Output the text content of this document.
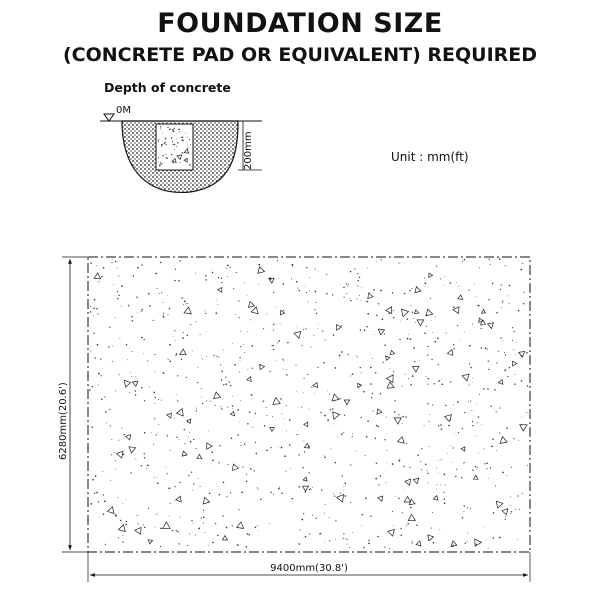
FOUNDATION SIZE
(CONCRETE PAD OR EQUIVALENT) REQUIRED
Depth of concrete
Unit : mm(ft)
0M
200mm
6280mm(20.6')
9400mm(30.8')
